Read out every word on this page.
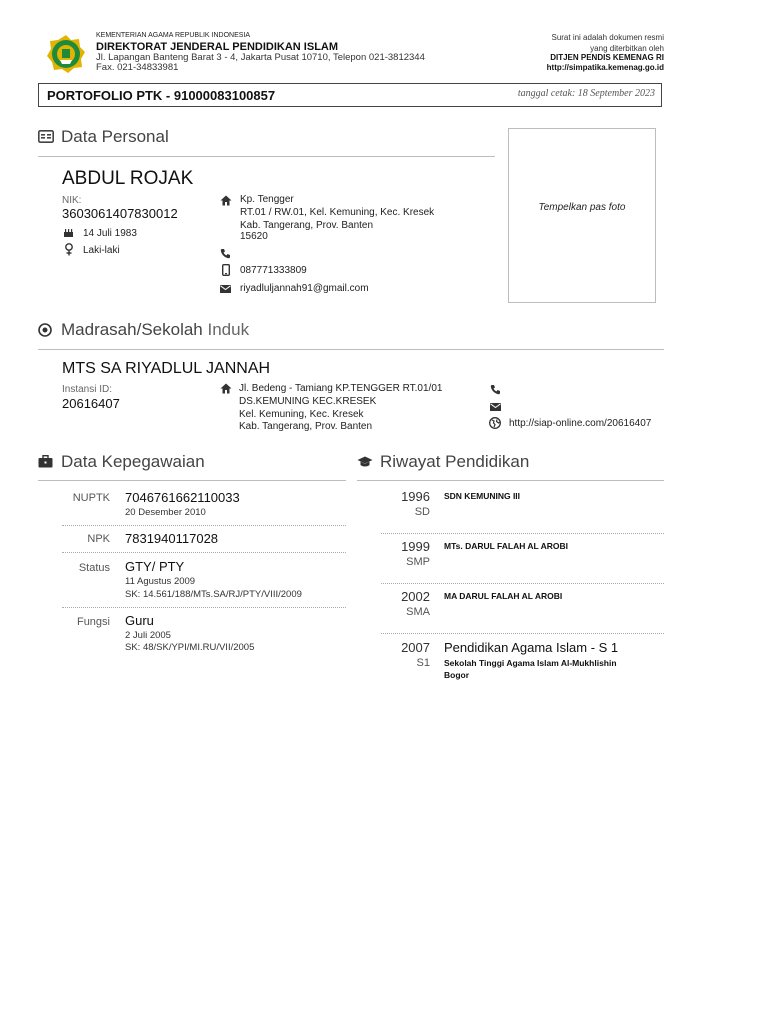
KEMENTERIAN AGAMA REPUBLIK INDONESIA
DIREKTORAT JENDERAL PENDIDIKAN ISLAM
Jl. Lapangan Banteng Barat 3 - 4, Jakarta Pusat 10710, Telepon 021-3812344
Fax. 021-34833981
Surat ini adalah dokumen resmi
yang diterbitkan oleh
DITJEN PENDIS KEMENAG RI
http://simpatika.kemenag.go.id
PORTOFOLIO PTK - 91000083100857	tanggal cetak: 18 September 2023
Data Personal
ABDUL ROJAK
NIK:
3603061407830012
14 Juli 1983
Laki-laki
Kp. Tengger
RT.01 / RW.01, Kel. Kemuning, Kec. Kresek
Kab. Tangerang, Prov. Banten
15620
087771333809
riyadluljannah91@gmail.com
Tempelkan pas foto
Madrasah/Sekolah Induk
MTS SA RIYADLUL JANNAH
Instansi ID:
20616407
Jl. Bedeng - Tamiang KP.TENGGER RT.01/01
DS.KEMUNING KEC.KRESEK
Kel. Kemuning, Kec. Kresek
Kab. Tangerang, Prov. Banten	http://siap-online.com/20616407
Data Kepegawaian
NUPTK 7046761662110033
20 Desember 2010
NPK 7831940117028
Status GTY/ PTY
11 Agustus 2009
SK: 14.561/188/MTs.SA/RJ/PTY/VIII/2009
Fungsi Guru
2 Juli 2005
SK: 48/SK/YPI/MI.RU/VII/2005
Riwayat Pendidikan
1996
SD
SDN KEMUNING III
1999
SMP
MTs. DARUL FALAH AL AROBI
2002
SMA
MA DARUL FALAH AL AROBI
2007
S1
Pendidikan Agama Islam - S 1
Sekolah Tinggi Agama Islam Al-Mukhlishin
Bogor
